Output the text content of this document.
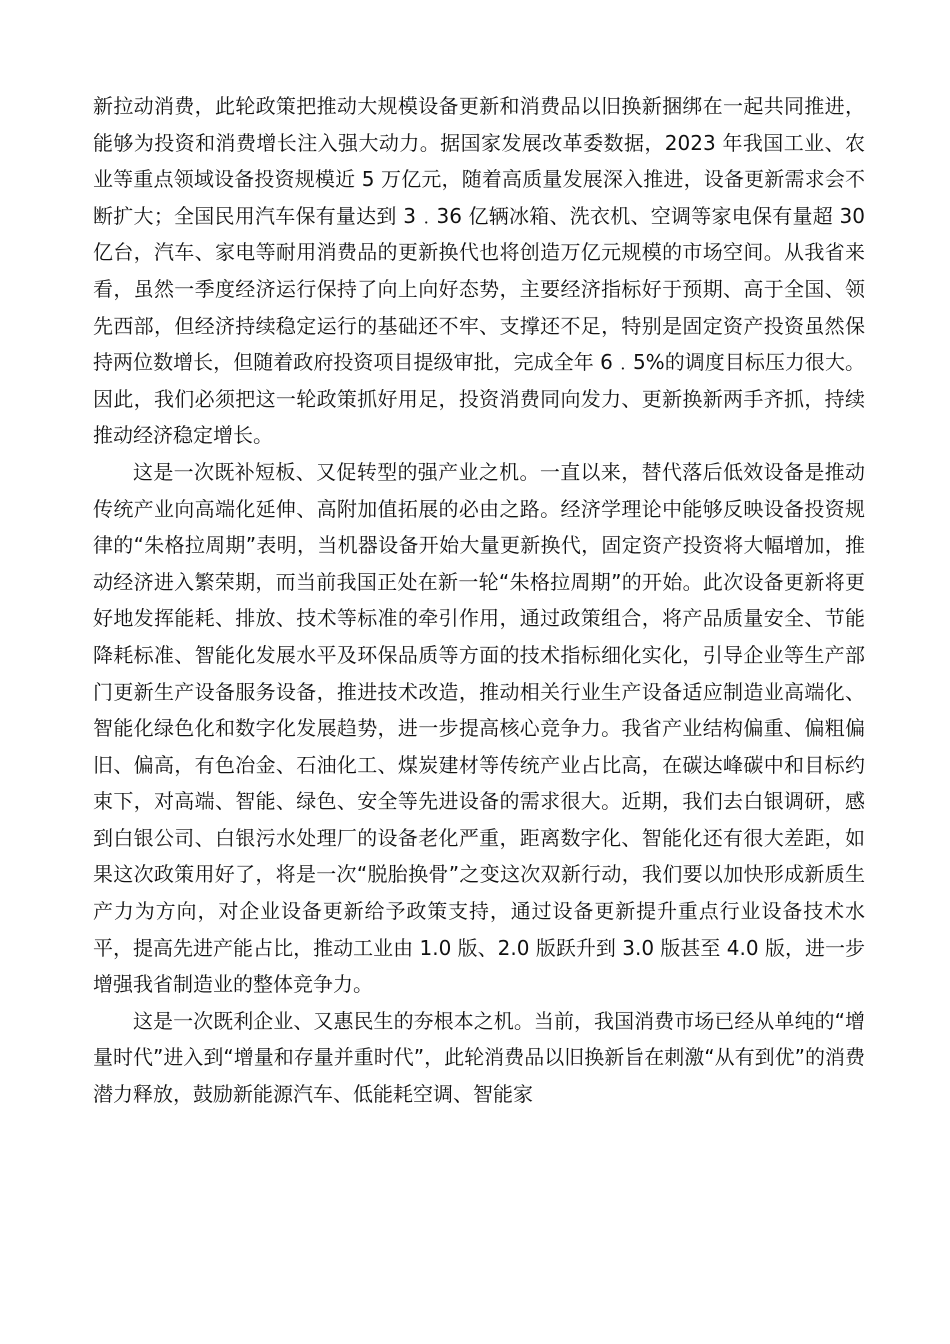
新拉动消费，此轮政策把推动大规模设备更新和消费品以旧换新捆绑在一起共同推进，能够为投资和消费增长注入强大动力。据国家发展改革委数据，2023 年我国工业、农业等重点领域设备投资规模近 5 万亿元，随着高质量发展深入推进，设备更新需求会不断扩大；全国民用汽车保有量达到 3﹒36 亿辆冰箱、洗衣机、空调等家电保有量超 30 亿台，汽车、家电等耐用消费品的更新换代也将创造万亿元规模的市场空间。从我省来看，虽然一季度经济运行保持了向上向好态势，主要经济指标好于预期、高于全国、领先西部，但经济持续稳定运行的基础还不牢、支撑还不足，特别是固定资产投资虽然保持两位数增长，但随着政府投资项目提级审批，完成全年 6﹒5%的调度目标压力很大。因此，我们必须把这一轮政策抓好用足，投资消费同向发力、更新换新两手齐抓，持续推动经济稳定增长。

这是一次既补短板、又促转型的强产业之机。一直以来，替代落后低效设备是推动传统产业向高端化延伸、高附加值拓展的必由之路。经济学理论中能够反映设备投资规律的“朱格拉周期”表明，当机器设备开始大量更新换代，固定资产投资将大幅增加，推动经济进入繁荣期，而当前我国正处在新一轮“朱格拉周期”的开始。此次设备更新将更好地发挥能耗、排放、技术等标准的牵引作用，通过政策组合，将产品质量安全、节能降耗标准、智能化发展水平及环保品质等方面的技术指标细化实化，引导企业等生产部门更新生产设备服务设备，推进技术改造，推动相关行业生产设备适应制造业高端化、智能化绿色化和数字化发展趋势，进一步提高核心竞争力。我省产业结构偏重、偏粗偏旧、偏高，有色冶金、石油化工、煤炭建材等传统产业占比高，在碳达峰碳中和目标约束下，对高端、智能、绿色、安全等先进设备的需求很大。近期，我们去白银调研，感到白银公司、白银污水处理厂的设备老化严重，距离数字化、智能化还有很大差距，如果这次政策用好了，将是一次“脱胎换骨”之变这次双新行动，我们要以加快形成新质生产力为方向，对企业设备更新给予政策支持，通过设备更新提升重点行业设备技术水平，提高先进产能占比，推动工业由 1.0 版、2.0 版跃升到 3.0 版甚至 4.0 版，进一步增强我省制造业的整体竞争力。

这是一次既利企业、又惠民生的夯根本之机。当前，我国消费市场已经从单纯的“增量时代”进入到“增量和存量并重时代”，此轮消费品以旧换新旨在刺激“从有到优”的消费潜力释放，鼓励新能源汽车、低能耗空调、智能家
